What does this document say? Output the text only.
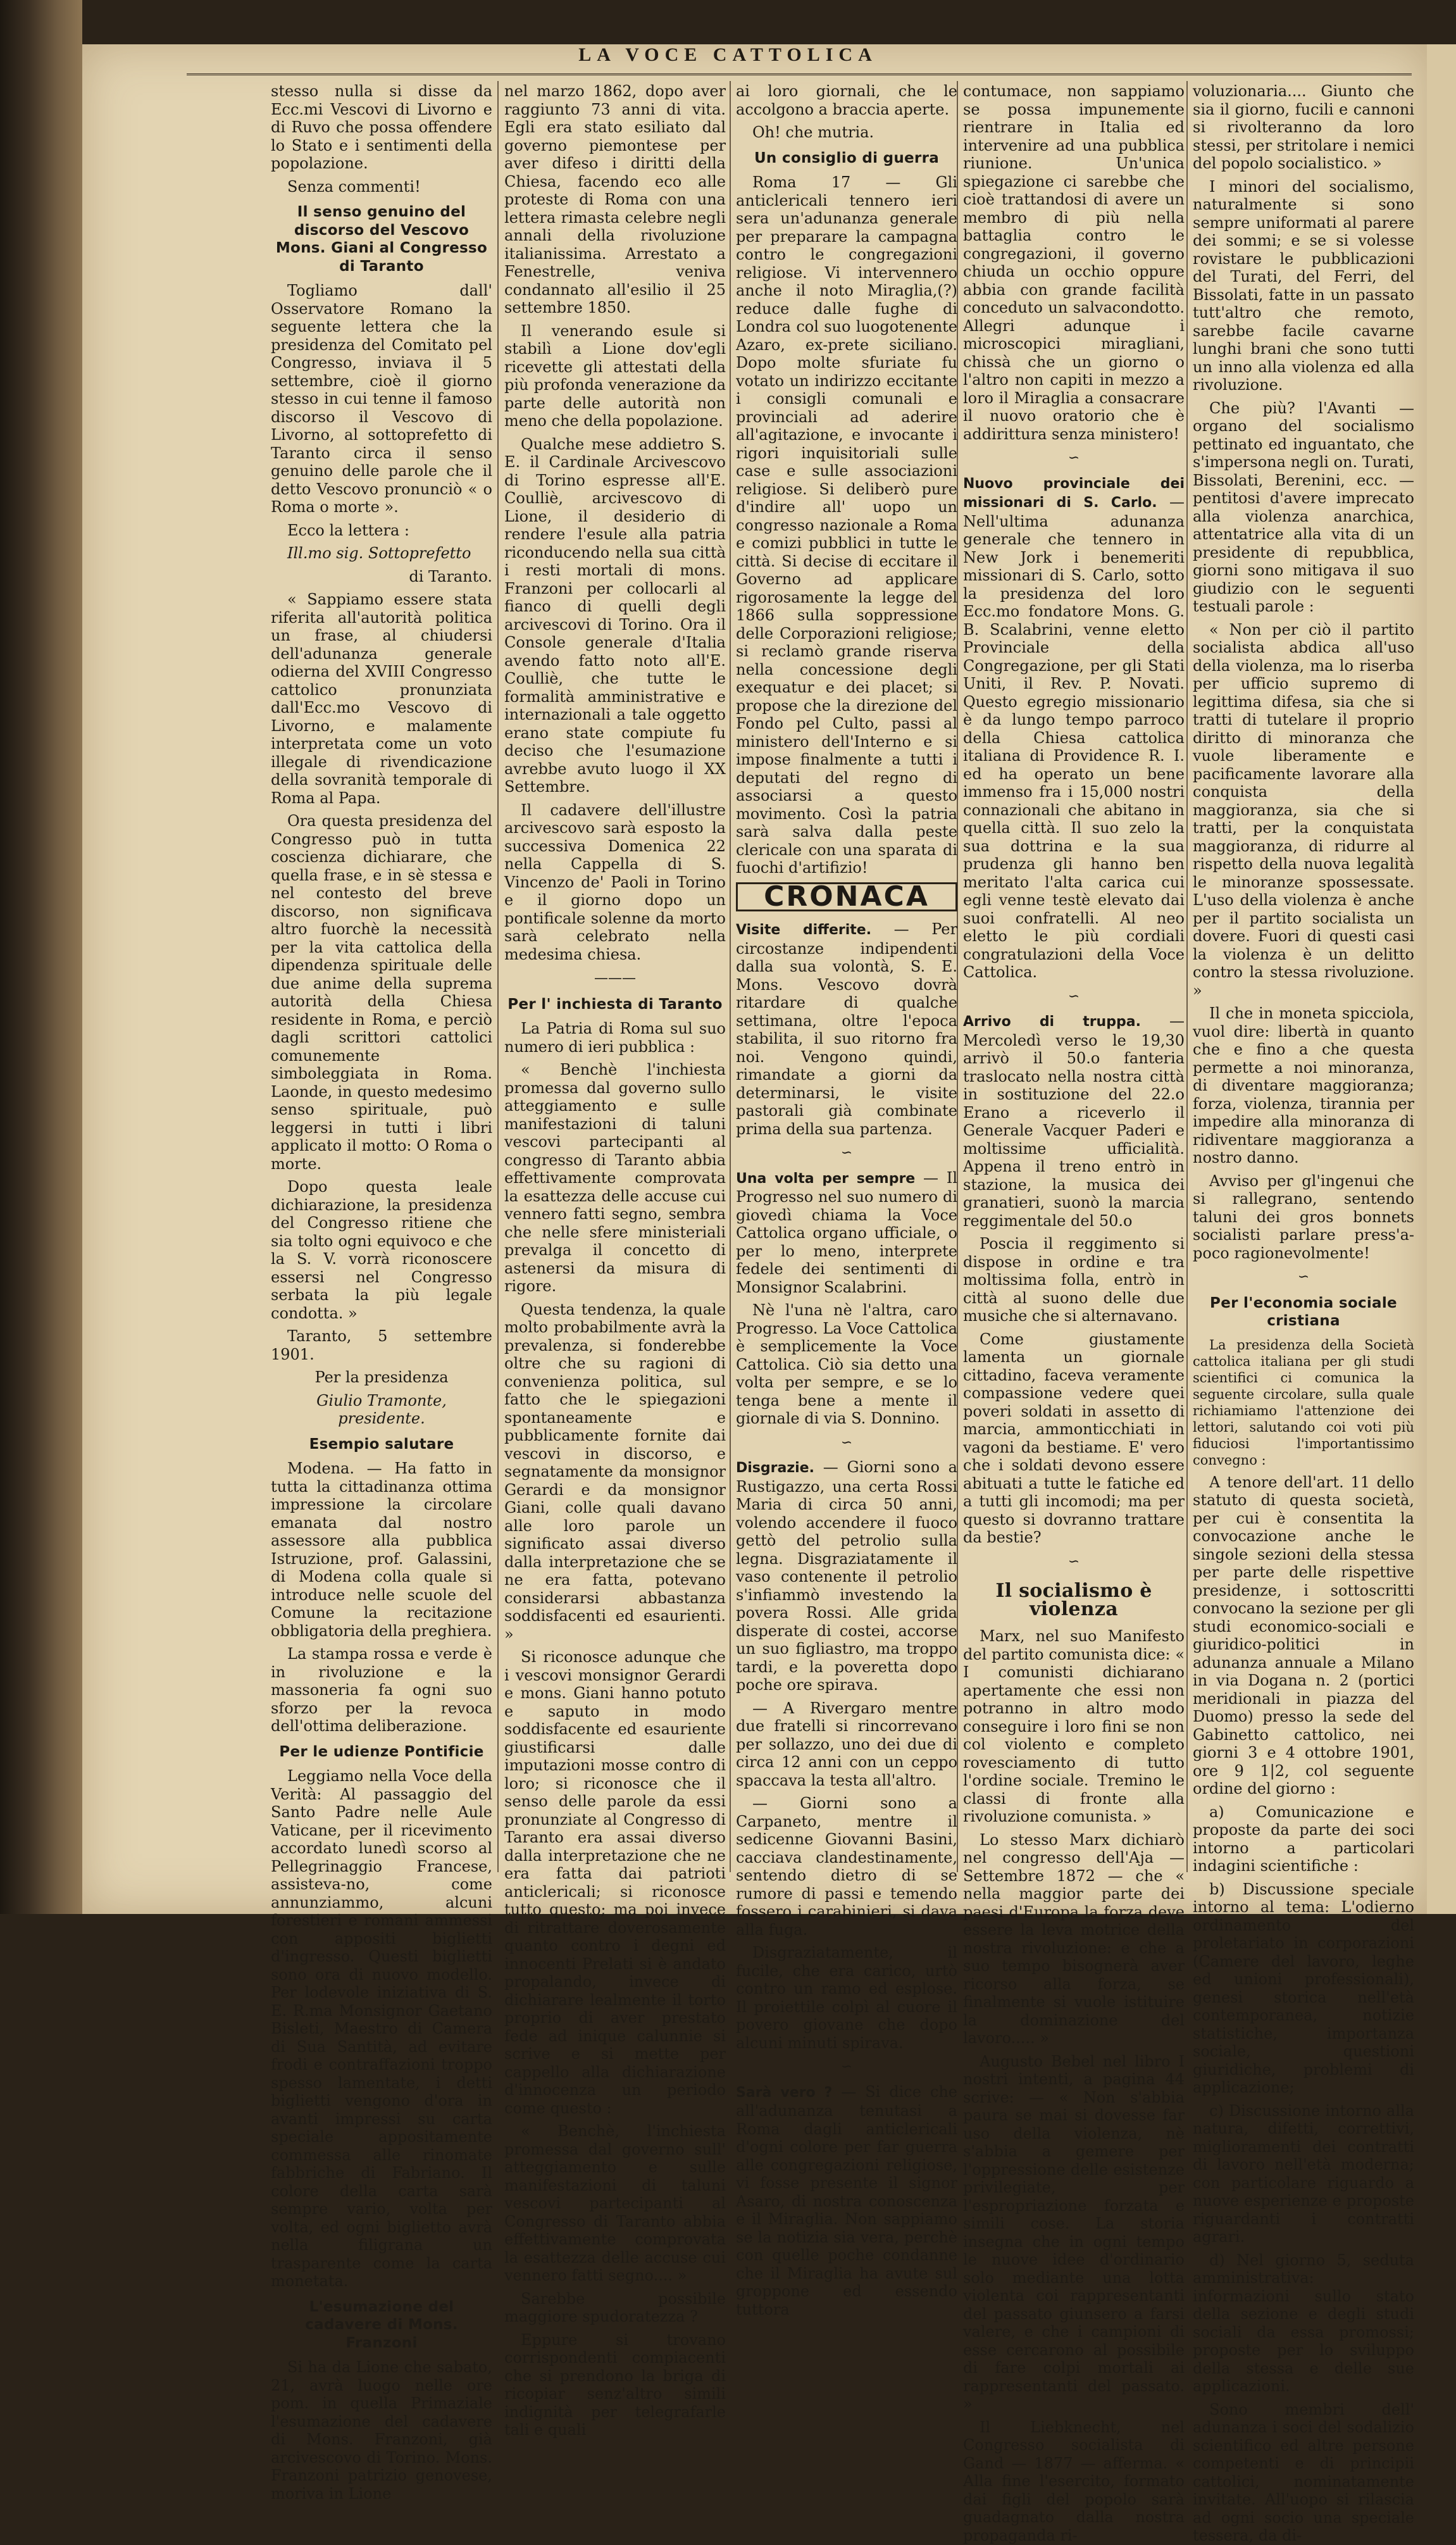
LA VOCE CATTOLICA

stesso nulla si disse da Ecc.mi Vescovi di Livorno e di Ruvo che possa offendere lo Stato e i sentimenti della popolazione.

Senza commenti!

Il senso genuino del discorso del Vescovo Mons. Giani al Congresso di Taranto

Togliamo dall' Osservatore Romano la seguente lettera che la presidenza del Comitato pel Congresso, inviava il 5 settembre, cioè il giorno stesso in cui tenne il famoso discorso il Vescovo di Livorno, al sottoprefetto di Taranto circa il senso genuino delle parole che il detto Vescovo pronunciò « o Roma o morte ».

Ecco la lettera :

Ill.mo sig. Sottoprefetto

di Taranto.

« Sappiamo essere stata riferita all'autorità politica un frase, al chiudersi dell'adunanza generale odierna del XVIII Congresso cattolico pronunziata dall'Ecc.mo Vescovo di Livorno, e malamente interpretata come un voto illegale di rivendicazione della sovranità temporale di Roma al Papa.

Ora questa presidenza del Congresso può in tutta coscienza dichiarare, che quella frase, e in sè stessa e nel contesto del breve discorso, non significava altro fuorchè la necessità per la vita cattolica della dipendenza spirituale delle due anime della suprema autorità della Chiesa residente in Roma, e perciò dagli scrittori cattolici comunemente simboleggiata in Roma. Laonde, in questo medesimo senso spirituale, può leggersi in tutti i libri applicato il motto: O Roma o morte.

Dopo questa leale dichiarazione, la presidenza del Congresso ritiene che sia tolto ogni equivoco e che la S. V. vorrà riconoscere essersi nel Congresso serbata la più legale condotta. »

Taranto, 5 settembre 1901.

Per la presidenza

Giulio Tramonte, presidente.

Esempio salutare

Modena. — Ha fatto in tutta la cittadinanza ottima impressione la circolare emanata dal nostro assessore alla pubblica Istruzione, prof. Galassini, di Modena colla quale si introduce nelle scuole del Comune la recitazione obbligatoria della preghiera.

La stampa rossa e verde è in rivoluzione e la massoneria fa ogni suo sforzo per la revoca dell'ottima deliberazione.

Per le udienze Pontificie

Leggiamo nella Voce della Verità: Al passaggio del Santo Padre nelle Aule Vaticane, per il ricevimento accordato lunedì scorso al Pellegrinaggio Francese, assisteva-no, come annunziammo, alcuni forestieri e romani ammessi con appositi biglietti d'ingresso. Questi biglietti sono ora di nuovo modello. Per lodevole iniziativa di S. E. R.ma Monsignor Gaetano Bisleti, Maestro di Camera di Sua Santità, ad evitare frodi e contraffazioni troppo spesso lamentate, i detti biglietti vengono d'ora in avanti impressi su carta speciale appositamente commessa alle rinomate fabbriche di Fabriano. Il colore della carta sarà sempre vario, volta per volta, ed ogni biglietto avrà nella filigrana un trasparente come la carta monetata.

L'esumazione del cadavere di Mons. Franzoni

Si ha da Lione che sabato, 21, avrà luogo nelle ore pom. in quella Primaziale l'esumazione del cadavere di Mons. Franzoni, già arcivescovo di Torino. Mons. Franzoni patrizio genovese, moriva in Lione

nel marzo 1862, dopo aver raggiunto 73 anni di vita. Egli era stato esiliato dal governo piemontese per aver difeso i diritti della Chiesa, facendo eco alle proteste di Roma con una lettera rimasta celebre negli annali della rivoluzione italianissima. Arrestato a Fenestrelle, veniva condannato all'esilio il 25 settembre 1850.

Il venerando esule si stabilì a Lione dov'egli ricevette gli attestati della più profonda venerazione da parte delle autorità non meno che della popolazione.

Qualche mese addietro S. E. il Cardinale Arcivescovo di Torino espresse all'E. Coulliè, arcivescovo di Lione, il desiderio di rendere l'esule alla patria riconducendo nella sua città i resti mortali di mons. Franzoni per collocarli al fianco di quelli degli arcivescovi di Torino. Ora il Console generale d'Italia avendo fatto noto all'E. Coulliè, che tutte le formalità amministrative e internazionali a tale oggetto erano state compiute fu deciso che l'esumazione avrebbe avuto luogo il XX Settembre.

Il cadavere dell'illustre arcivescovo sarà esposto la successiva Domenica 22 nella Cappella di S. Vincenzo de' Paoli in Torino e il giorno dopo un pontificale solenne da morto sarà celebrato nella medesima chiesa.

———
Per l' inchiesta di Taranto

La Patria di Roma sul suo numero di ieri pubblica :

« Benchè l'inchiesta promessa dal governo sullo atteggiamento e sulle manifestazioni di taluni vescovi partecipanti al congresso di Taranto abbia effettivamente comprovata la esattezza delle accuse cui vennero fatti segno, sembra che nelle sfere ministeriali prevalga il concetto di astenersi da misura di rigore.

Questa tendenza, la quale molto probabilmente avrà la prevalenza, si fonderebbe oltre che su ragioni di convenienza politica, sul fatto che le spiegazioni spontaneamente e pubblicamente fornite dai vescovi in discorso, e segnatamente da monsignor Gerardi e da monsignor Giani, colle quali davano alle loro parole un significato assai diverso dalla interpretazione che se ne era fatta, potevano considerarsi abbastanza soddisfacenti ed esaurienti. »

Si riconosce adunque che i vescovi monsignor Gerardi e mons. Giani hanno potuto e saputo in modo soddisfacente ed esauriente giustificarsi dalle imputazioni mosse contro di loro; si riconosce che il senso delle parole da essi pronunziate al Congresso di Taranto era assai diverso dalla interpretazione che ne era fatta dai patrioti anticlericali; si riconosce tutto questo; ma poi invece di ritrattare doverosamente quanto contro i degni ed innocenti Prelati si è andato propalando, invece di dichiarare lealmente il torto proprio di aver prestato fede ad inique calunnie si scrive e si mette per cappello alla dichiarazione d'innocenza un periodo come questo :

« Benchè, l'inchiesta promessa dal governo sull' atteggiamento e sulle manifestazioni di taluni vescovi partecipanti al Congresso di Taranto abbia effettivamente comprovata la esattezza delle accuse cui vennero fatti segno.... »

Sarebbe possibile maggiore spudoratezza ?

Eppure si trovano corrispondenti compiacenti che si prendono la briga di ricopiar senz'altro simili indignità per telegrafarle tali e quali

ai loro giornali, che le accolgono a braccia aperte.

Oh! che mutria.

Un consiglio di guerra

Roma 17 — Gli anticlericali tennero ieri sera un'adunanza generale per preparare la campagna contro le congregazioni religiose. Vi intervennero anche il noto Miraglia,(?) reduce dalle fughe di Londra col suo luogotenente Azaro, ex-prete siciliano. Dopo molte sfuriate fu votato un indirizzo eccitante i consigli comunali e provinciali ad aderire all'agitazione, e invocante i rigori inquisitoriali sulle case e sulle associazioni religiose. Si deliberò pure d'indire all' uopo un congresso nazionale a Roma e comizi pubblici in tutte le città. Si decise di eccitare il Governo ad applicare rigorosamente la legge del 1866 sulla soppressione delle Corporazioni religiose; si reclamò grande riserva nella concessione degli exequatur e dei placet; si propose che la direzione del Fondo pel Culto, passi al ministero dell'Interno e si impose finalmente a tutti i deputati del regno di associarsi a questo movimento. Così la patria sarà salva dalla peste clericale con una sparata di fuochi d'artifizio!

CRONACA

Visite differite. — Per circostanze indipendenti dalla sua volontà, S. E. Mons. Vescovo dovrà ritardare di qualche settimana, oltre l'epoca stabilita, il suo ritorno fra noi. Vengono quindi, rimandate a giorni da determinarsi, le visite pastorali già combinate prima della sua partenza.

∽

Una volta per sempre — Il Progresso nel suo numero di giovedì chiama la Voce Cattolica organo ufficiale, o per lo meno, interprete fedele dei sentimenti di Monsignor Scalabrini.

Nè l'una nè l'altra, caro Progresso. La Voce Cattolica è semplicemente la Voce Cattolica. Ciò sia detto una volta per sempre, e se lo tenga bene a mente il giornale di via S. Donnino.

∽

Disgrazie. — Giorni sono a Rustigazzo, una certa Rossi Maria di circa 50 anni, volendo accendere il fuoco gettò del petrolio sulla legna. Disgraziatamente il vaso contenente il petrolio s'infiammò investendo la povera Rossi. Alle grida disperate di costei, accorse un suo figliastro, ma troppo tardi, e la poveretta dopo poche ore spirava.

— A Rivergaro mentre due fratelli si rincorrevano per sollazzo, uno dei due di circa 12 anni con un ceppo spaccava la testa all'altro.

— Giorni sono a Carpaneto, mentre il sedicenne Giovanni Basini, cacciava clandestinamente, sentendo dietro di se rumore di passi e temendo fossero i carabinieri, si dava alla fuga.

Disgraziatamente, il fucile, che era carico, urtò contro un ramo ed esplose. Il proiettile colpì al cuore il povero giovane che dopo alcuni minuti spirava.

∽

Sarà vero ? — Si dice che all'adunanza tenutasi a Roma dagli anticlericali d'ogni colore per far guerra alle congregazioni religiose, vi fosse presente il signor Asaro, di nostra conoscenza e il Miraglia. Non sappiamo se la notizia sia vera, perchè con quelle poche condanne che il Miraglia ha avute sul groppone ed essendo tuttora

contumace, non sappiamo se possa impunemente rientrare in Italia ed intervenire ad una pubblica riunione. Un'unica spiegazione ci sarebbe che cioè trattandosi di avere un membro di più nella battaglia contro le congregazioni, il governo chiuda un occhio oppure abbia con grande facilità conceduto un salvacondotto. Allegri adunque i microscopici miragliani, chissà che un giorno o l'altro non capiti in mezzo a loro il Miraglia a consacrare il nuovo oratorio che è addirittura senza ministero!

∽

Nuovo provinciale dei missionari di S. Carlo. — Nell'ultima adunanza generale che tennero in New Jork i benemeriti missionari di S. Carlo, sotto la presidenza del loro Ecc.mo fondatore Mons. G. B. Scalabrini, venne eletto Provinciale della Congregazione, per gli Stati Uniti, il Rev. P. Novati. Questo egregio missionario è da lungo tempo parroco della Chiesa cattolica italiana di Providence R. I. ed ha operato un bene immenso fra i 15,000 nostri connazionali che abitano in quella città. Il suo zelo la sua dottrina e la sua prudenza gli hanno ben meritato l'alta carica cui egli venne testè elevato dai suoi confratelli. Al neo eletto le più cordiali congratulazioni della Voce Cattolica.

∽

Arrivo di truppa. — Mercoledì verso le 19,30 arrivò il 50.o fanteria traslocato nella nostra città in sostituzione del 22.o Erano a riceverlo il Generale Vacquer Paderi e moltissime ufficialità. Appena il treno entrò in stazione, la musica dei granatieri, suonò la marcia reggimentale del 50.o

Poscia il reggimento si dispose in ordine e tra moltissima folla, entrò in città al suono delle due musiche che si alternavano.

Come giustamente lamenta un giornale cittadino, faceva veramente compassione vedere quei poveri soldati in assetto di marcia, ammonticchiati in vagoni da bestiame. E' vero che i soldati devono essere abituati a tutte le fatiche ed a tutti gli incomodi; ma per questo si dovranno trattare da bestie?

∽
Il socialismo è violenza

Marx, nel suo Manifesto del partito comunista dice: « I comunisti dichiarano apertamente che essi non potranno in altro modo conseguire i loro fini se non col violento e completo rovesciamento di tutto l'ordine sociale. Tremino le classi di fronte alla rivoluzione comunista. »

Lo stesso Marx dichiarò nel congresso dell'Aja — Settembre 1872 — che « nella maggior parte dei paesi d'Europa la forza deve essere la leva motrice della nostra rivoluzione: e che a suo tempo bisognerà aver ricorso alla forza, se finalmente si vuole istituire la dominazione del lavoro..... »

Augusto Bebel nel libro I nostri intenti, a pagina 44 scrive: — « Non s'abbia paura se mai si dovesse far uso della violenza, nè s'abbia a gemere per l'oppressione delle esistenze privilegiate, per l'espropriazione forzata e simili cose. La storia insegna che in ogni tempo le nuove idee d'ordinario solo mediante una lotta violenta coi rappresentanti del passato giunsero a farsi valere, e che i campioni di esse cercarono al possibile di fare colpi mortali ai rappresentanti del passato. »

Il Liebknecht, nel Congresso socialista di Gand — 1877 — afferma. « Alla fine l'esercito, formato dai figli del popolo sarà guadagnato dalla nostra propaganda ri-

voluzionaria.... Giunto che sia il giorno, fucili e cannoni si rivolteranno da loro stessi, per stritolare i nemici del popolo socialistico. »

I minori del socialismo, naturalmente si sono sempre uniformati al parere dei sommi; e se si volesse rovistare le pubblicazioni del Turati, del Ferri, del Bissolati, fatte in un passato tutt'altro che remoto, sarebbe facile cavarne lunghi brani che sono tutti un inno alla violenza ed alla rivoluzione.

Che più? l'Avanti — organo del socialismo pettinato ed inguantato, che s'impersona negli on. Turati, Bissolati, Berenini, ecc. — pentitosi d'avere imprecato alla violenza anarchica, attentatrice alla vita di un presidente di repubblica, giorni sono mitigava il suo giudizio con le seguenti testuali parole :

« Non per ciò il partito socialista abdica all'uso della violenza, ma lo riserba per ufficio supremo di legittima difesa, sia che si tratti di tutelare il proprio diritto di minoranza che vuole liberamente e pacificamente lavorare alla conquista della maggioranza, sia che si tratti, per la conquistata maggioranza, di ridurre al rispetto della nuova legalità le minoranze spossessate. L'uso della violenza è anche per il partito socialista un dovere. Fuori di questi casi la violenza è un delitto contro la stessa rivoluzione. »

Il che in moneta spicciola, vuol dire: libertà in quanto che e fino a che questa permette a noi minoranza, di diventare maggioranza; forza, violenza, tirannia per impedire alla minoranza di ridiventare maggioranza a nostro danno.

Avviso per gl'ingenui che si rallegrano, sentendo taluni dei gros bonnets socialisti parlare press'a-poco ragionevolmente!

∽
Per l'economia sociale cristiana

La presidenza della Società cattolica italiana per gli studi scientifici ci comunica la seguente circolare, sulla quale richiamiamo l'attenzione dei lettori, salutando coi voti più fiduciosi l'importantissimo convegno :

A tenore dell'art. 11 dello statuto di questa società, per cui è consentita la convocazione anche le singole sezioni della stessa per parte delle rispettive presidenze, i sottoscritti convocano la sezione per gli studi economico-sociali e giuridico-politici in adunanza annuale a Milano in via Dogana n. 2 (portici meridionali in piazza del Duomo) presso la sede del Gabinetto cattolico, nei giorni 3 e 4 ottobre 1901, ore 9 1|2, col seguente ordine del giorno :

a) Comunicazione e proposte da parte dei soci intorno a particolari indagini scientifiche :

b) Discussione speciale intorno al tema: L'odierno ordinamento del proletariato in corporazioni (Camere del lavoro, leghe ed unioni professionali), genesi storica nell'età contemporanea, notizie statistiche, importanza sociale, questioni giuridiche, problemi di applicazione;

c) Discussione intorno alla natura, difetti, correttivi, miglioramenti dei contratti di lavoro nell'età moderna; con particolare riguardo a nuove esperienze e proposte riguardanti i contratti agrari.

d) Nel giorno 5, seduta amministrativa: informazioni sullo stato della sezione e degli studi sociali da essa promossi; proposte per lo sviluppo della stessa e delle sue applicazioni.

Sono membri dell' adunanza i soci del sodalizio scientifico ed altre persone competenti e di principii cattolici, nominatamente invitate. All'uopo si rilascia ad ogni socio una speciale tessera, da di-
